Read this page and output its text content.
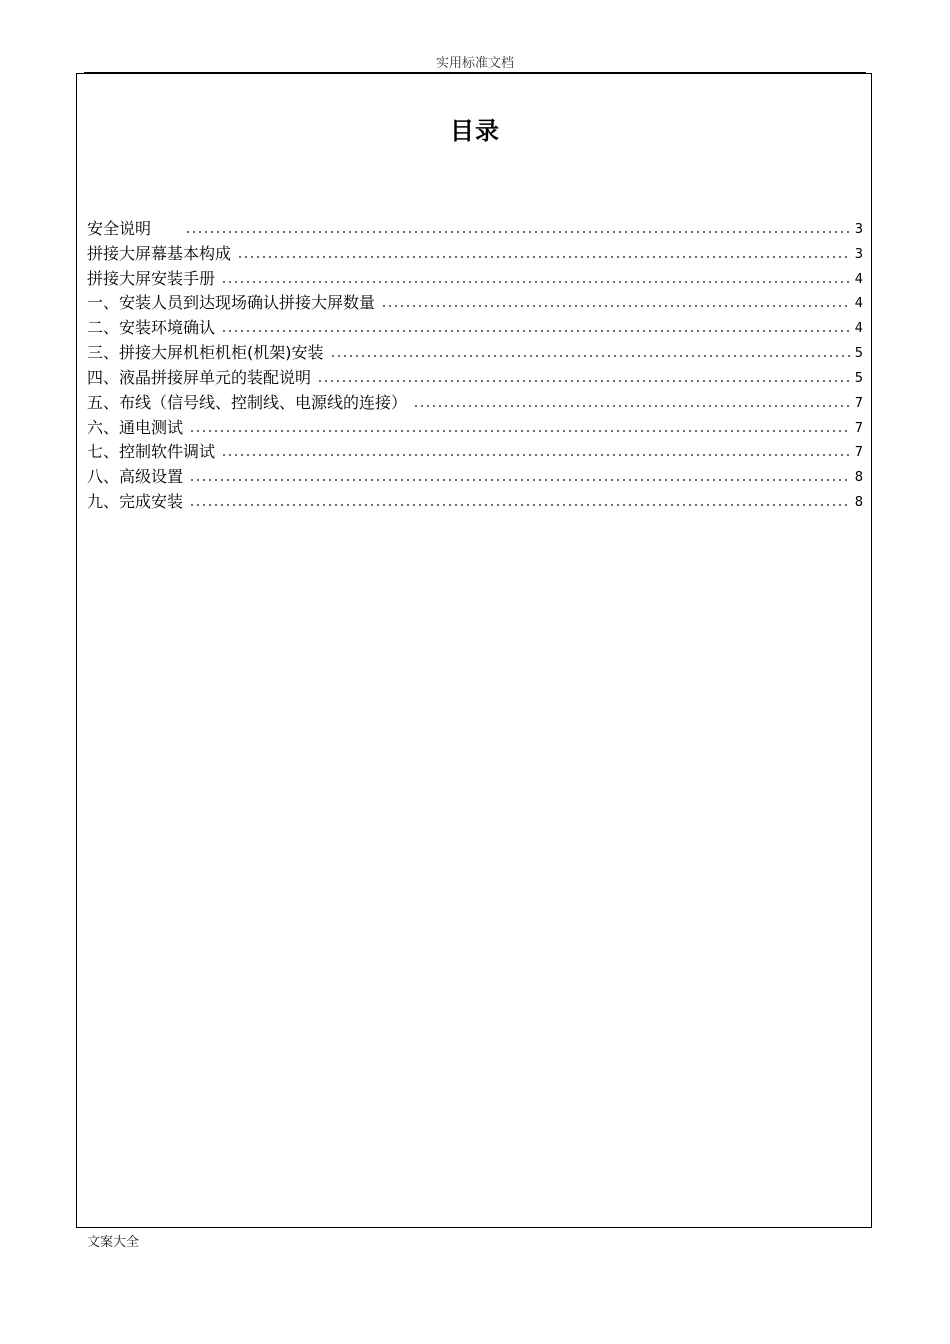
实用标准文档
目录
安全说明	3
拼接大屏幕基本构成	3
拼接大屏安装手册	4
一、安装人员到达现场确认拼接大屏数量	4
二、安装环境确认	4
三、拼接大屏机柜机柜(机架)安装	5
四、液晶拼接屏单元的装配说明	5
五、布线（信号线、控制线、电源线的连接）	7
六、通电测试	7
七、控制软件调试	7
八、高级设置	8
九、完成安装	8
文案大全
